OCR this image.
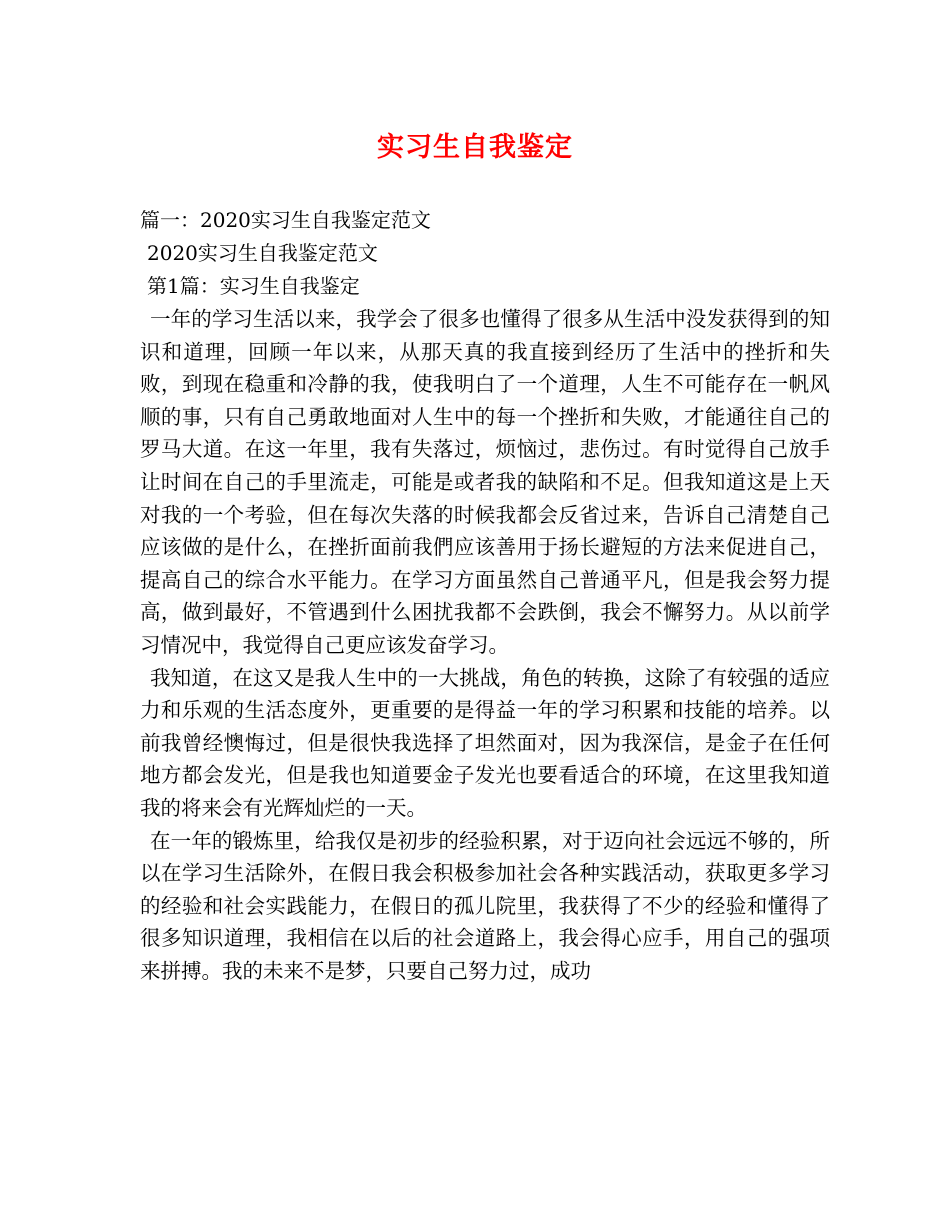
实习生自我鉴定
篇一：2020实习生自我鉴定范文
2020实习生自我鉴定范文
第1篇：实习生自我鉴定

一年的学习生活以来，我学会了很多也懂得了很多从生活中没发获得到的知识和道理，回顾一年以来，从那天真的我直接到经历了生活中的挫折和失败，到现在稳重和冷静的我，使我明白了一个道理，人生不可能存在一帆风顺的事，只有自己勇敢地面对人生中的每一个挫折和失败，才能通往自己的罗马大道。在这一年里，我有失落过，烦恼过，悲伤过。有时觉得自己放手让时间在自己的手里流走，可能是或者我的缺陷和不足。但我知道这是上天对我的一个考验，但在每次失落的时候我都会反省过来，告诉自己清楚自己应该做的是什么，在挫折面前我們应该善用于扬长避短的方法来促进自己，提高自己的综合水平能力。在学习方面虽然自己普通平凡，但是我会努力提高，做到最好，不管遇到什么困扰我都不会跌倒，我会不懈努力。从以前学习情况中，我觉得自己更应该发奋学习。

我知道，在这又是我人生中的一大挑战，角色的转换，这除了有较强的适应力和乐观的生活态度外，更重要的是得益一年的学习积累和技能的培养。以前我曾经懊悔过，但是很快我选择了坦然面对，因为我深信，是金子在任何地方都会发光，但是我也知道要金子发光也要看适合的环境，在这里我知道我的将来会有光辉灿烂的一天。

在一年的锻炼里，给我仅是初步的经验积累，对于迈向社会远远不够的，所以在学习生活除外，在假日我会积极参加社会各种实践活动，获取更多学习的经验和社会实践能力，在假日的孤儿院里，我获得了不少的经验和懂得了很多知识道理，我相信在以后的社会道路上，我会得心应手，用自己的强项来拼搏。我的未来不是梦，只要自己努力过，成功
